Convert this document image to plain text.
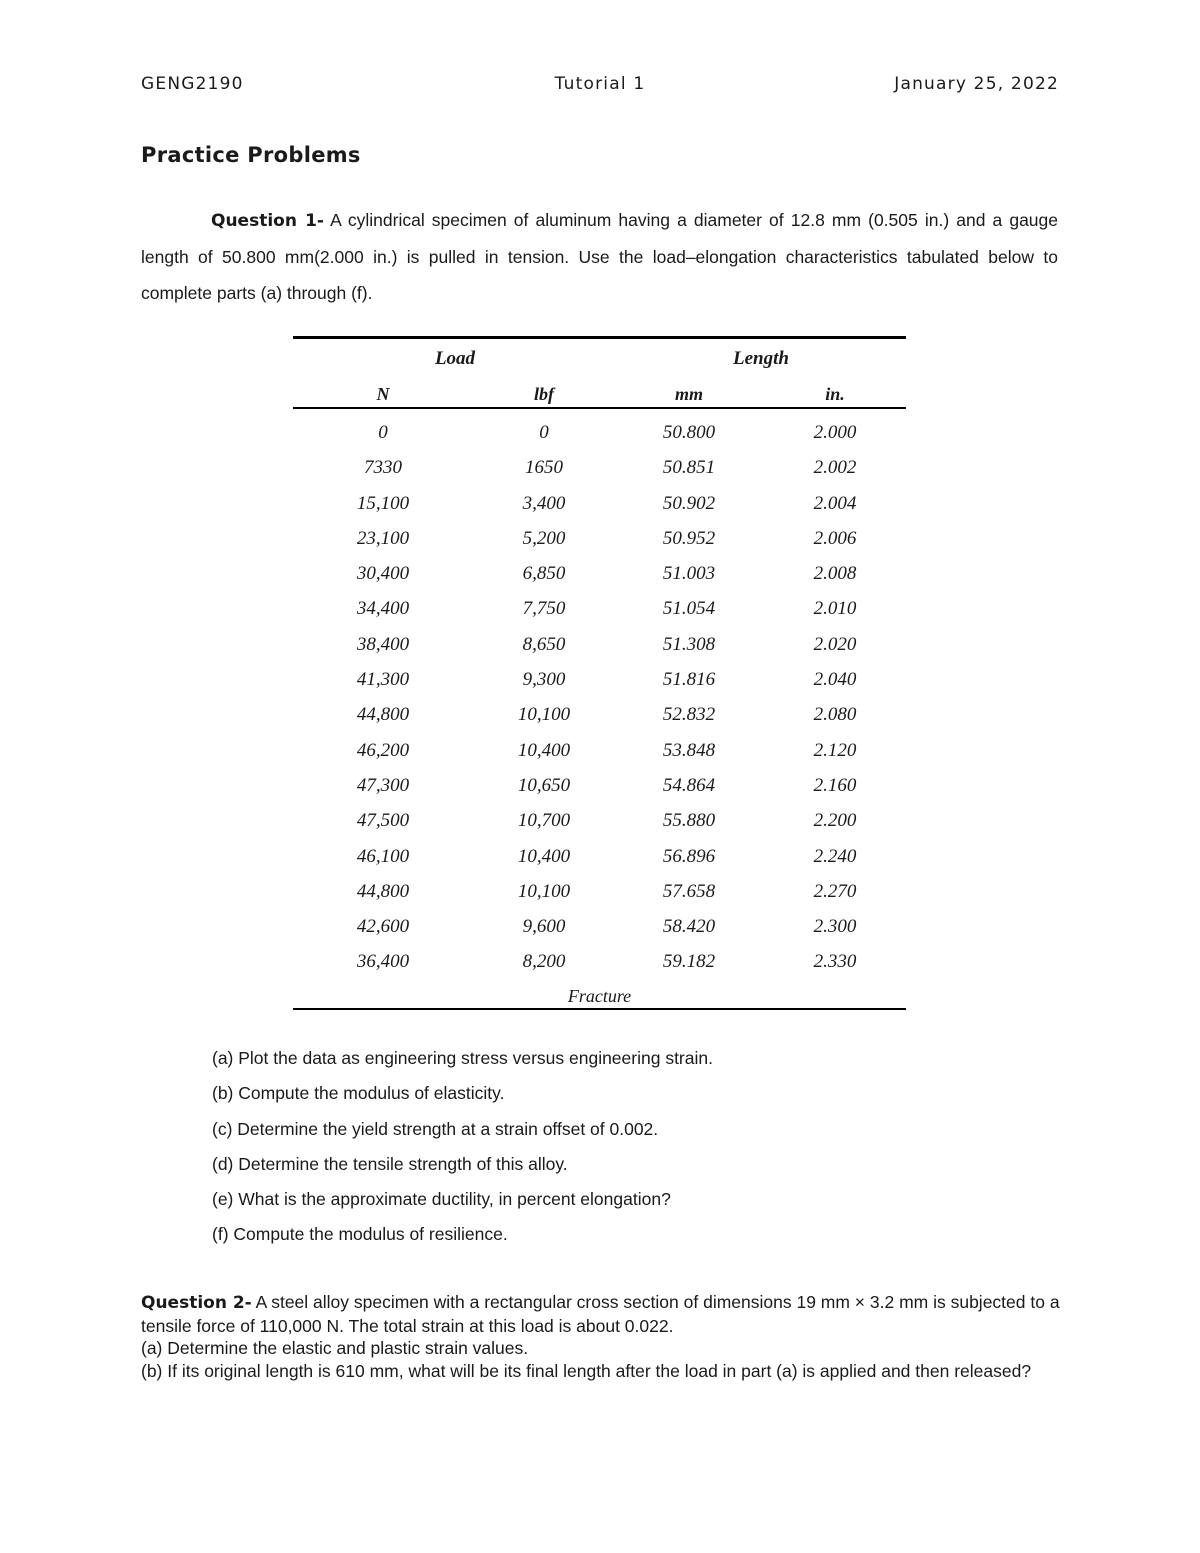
GENG2190	Tutorial 1	January 25, 2022
Practice Problems
Question 1- A cylindrical specimen of aluminum having a diameter of 12.8 mm (0.505 in.) and a gauge length of 50.800 mm(2.000 in.) is pulled in tension. Use the load–elongation characteristics tabulated below to complete parts (a) through (f).
Load	Length
N	lbf	mm	in.
0	0	50.800	2.000
7330	1650	50.851	2.002
15,100	3,400	50.902	2.004
23,100	5,200	50.952	2.006
30,400	6,850	51.003	2.008
34,400	7,750	51.054	2.010
38,400	8,650	51.308	2.020
41,300	9,300	51.816	2.040
44,800	10,100	52.832	2.080
46,200	10,400	53.848	2.120
47,300	10,650	54.864	2.160
47,500	10,700	55.880	2.200
46,100	10,400	56.896	2.240
44,800	10,100	57.658	2.270
42,600	9,600	58.420	2.300
36,400	8,200	59.182	2.330
Fracture
(a) Plot the data as engineering stress versus engineering strain.
(b) Compute the modulus of elasticity.
(c) Determine the yield strength at a strain offset of 0.002.
(d) Determine the tensile strength of this alloy.
(e) What is the approximate ductility, in percent elongation?
(f) Compute the modulus of resilience.
Question 2- A steel alloy specimen with a rectangular cross section of dimensions 19 mm × 3.2 mm is subjected to a tensile force of 110,000 N. The total strain at this load is about 0.022.
(a) Determine the elastic and plastic strain values.
(b) If its original length is 610 mm, what will be its final length after the load in part (a) is applied and then released?
